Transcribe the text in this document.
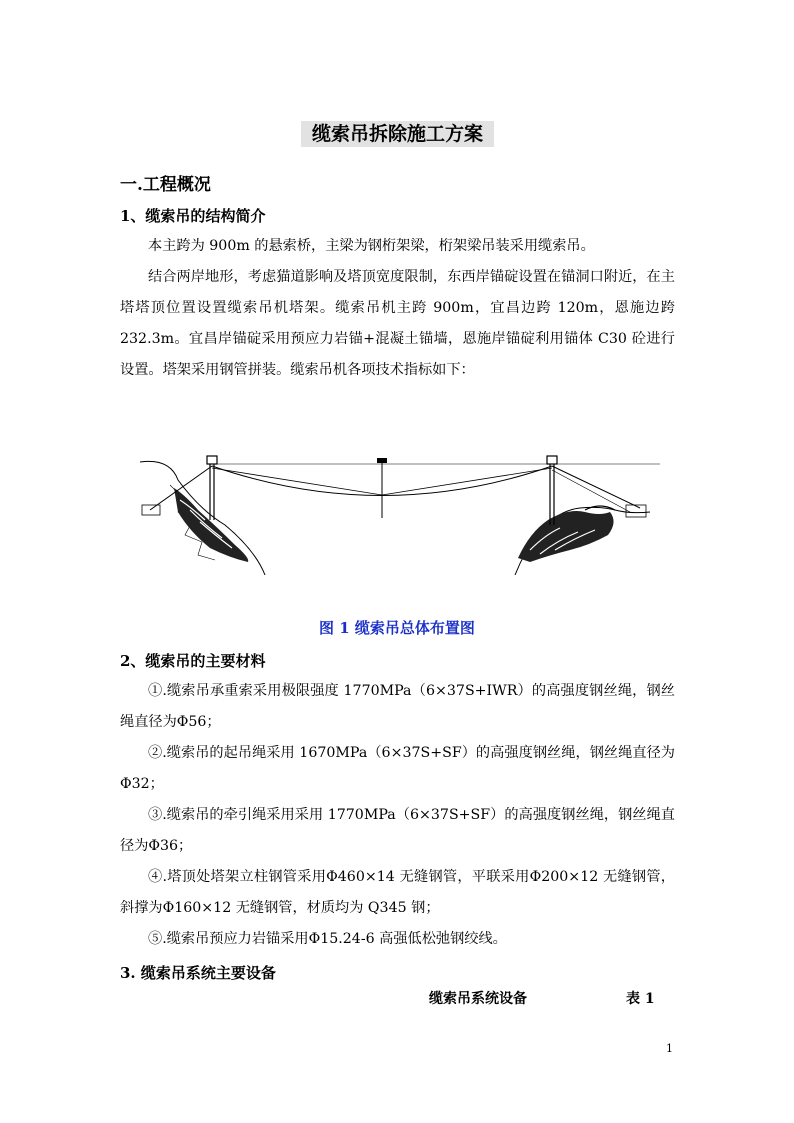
缆索吊拆除施工方案
一.工程概况
1、缆索吊的结构简介

本主跨为 900m 的悬索桥，主梁为钢桁架梁，桁架梁吊装采用缆索吊。

结合两岸地形，考虑猫道影响及塔顶宽度限制，东西岸锚碇设置在锚洞口附近，在主塔塔顶位置设置缆索吊机塔架。缆索吊机主跨 900m，宜昌边跨 120m，恩施边跨 232.3m。宜昌岸锚碇采用预应力岩锚+混凝土锚墙，恩施岸锚碇利用锚体 C30 砼进行设置。塔架采用钢管拼装。缆索吊机各项技术指标如下：

图 1 缆索吊总体布置图
2、缆索吊的主要材料

①.缆索吊承重索采用极限强度 1770MPa（6×37S+IWR）的高强度钢丝绳，钢丝绳直径为Φ56；

②.缆索吊的起吊绳采用 1670MPa（6×37S+SF）的高强度钢丝绳，钢丝绳直径为Φ32；

③.缆索吊的牵引绳采用采用 1770MPa（6×37S+SF）的高强度钢丝绳，钢丝绳直径为Φ36；

④.塔顶处塔架立柱钢管采用Φ460×14 无缝钢管，平联采用Φ200×12 无缝钢管，斜撑为Φ160×12 无缝钢管，材质均为 Q345 钢；

⑤.缆索吊预应力岩锚采用Φ15.24-6 高强低松弛钢绞线。

3. 缆索吊系统主要设备
缆索吊系统设备	表 1
1
